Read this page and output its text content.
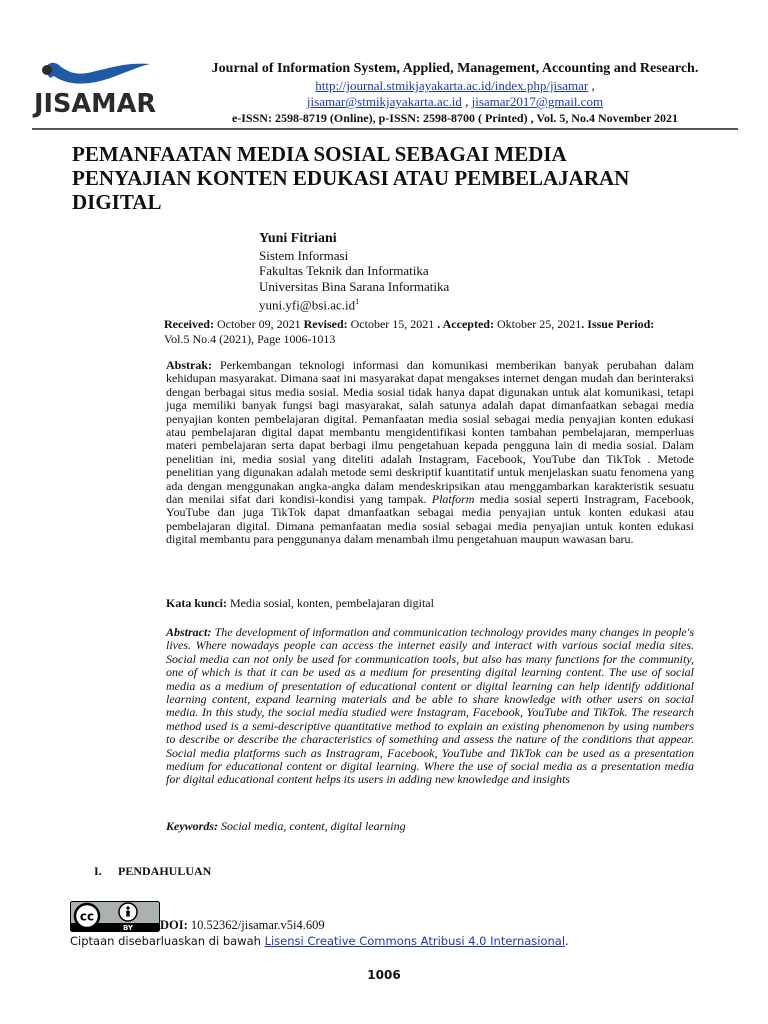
JISAMAR
Journal of Information System, Applied, Management, Accounting and Research.
http://journal.stmikjayakarta.ac.id/index.php/jisamar ,
jisamar@stmikjayakarta.ac.id , jisamar2017@gmail.com
e-ISSN: 2598-8719 (Online), p-ISSN: 2598-8700 ( Printed) , Vol. 5, No.4 November 2021
PEMANFAATAN MEDIA SOSIAL SEBAGAI MEDIA PENYAJIAN KONTEN EDUKASI ATAU PEMBELAJARAN DIGITAL
Yuni Fitriani
Sistem Informasi
Fakultas Teknik dan Informatika
Universitas Bina Sarana Informatika
$yuni.yfi@bsi.ac.id^1$
Received: October 09, 2021 Revised: October 15, 2021 . Accepted: Oktober 25, 2021. Issue Period: Vol.5 No.4 (2021), Page 1006-1013
Abstrak: Perkembangan teknologi informasi dan komunikasi memberikan banyak perubahan dalam kehidupan masyarakat. Dimana saat ini masyarakat dapat mengakses internet dengan mudah dan berinteraksi dengan berbagai situs media sosial. Media sosial tidak hanya dapat digunakan untuk alat komunikasi, tetapi juga memiliki banyak fungsi bagi masyarakat, salah satunya adalah dapat dimanfaatkan sebagai media penyajian konten pembelajaran digital. Pemanfaatan media sosial sebagai media penyajian konten edukasi atau pembelajaran digital dapat membantu mengidentifikasi konten tambahan pembelajaran, memperluas materi pembelajaran serta dapat berbagi ilmu pengetahuan kepada pengguna lain di media sosial. Dalam penelitian ini, media sosial yang diteliti adalah Instagram, Facebook, YouTube dan TikTok . Metode penelitian yang digunakan adalah metode semi deskriptif kuantitatif untuk menjelaskan suatu fenomena yang ada dengan menggunakan angka-angka dalam mendeskripsikan atau menggambarkan karakteristik sesuatu dan menilai sifat dari kondisi-kondisi yang tampak. Platform media sosial seperti Instragram, Facebook, YouTube dan juga TikTok dapat dmanfaatkan sebagai media penyajian untuk konten edukasi atau pembelajaran digital. Dimana pemanfaatan media sosial sebagai media penyajian untuk konten edukasi digital membantu para penggunanya dalam menambah ilmu pengetahuan maupun wawasan baru.
Kata kunci: Media sosial, konten, pembelajaran digital
Abstract: The development of information and communication technology provides many changes in people's lives. Where nowadays people can access the internet easily and interact with various social media sites. Social media can not only be used for communication tools, but also has many functions for the community, one of which is that it can be used as a medium for presenting digital learning content. The use of social media as a medium of presentation of educational content or digital learning can help identify additional learning content, expand learning materials and be able to share knowledge with other users on social media. In this study, the social media studied were Instagram, Facebook, YouTube and TikTok. The research method used is a semi-descriptive quantitative method to explain an existing phenomenon by using numbers to describe or describe the characteristics of something and assess the nature of the conditions that appear. Social media platforms such as Instragram, Facebook, YouTube and TikTok can be used as a presentation medium for educational content or digital learning. Where the use of social media as a presentation media for digital educational content helps its users in adding new knowledge and insights
Keywords: Social media, content, digital learning
I. PENDAHULUAN
cc
BY DOI: 10.52362/jisamar.v5i4.609
Ciptaan disebarluaskan di bawah Lisensi Creative Commons Atribusi 4.0 Internasional.
1006
